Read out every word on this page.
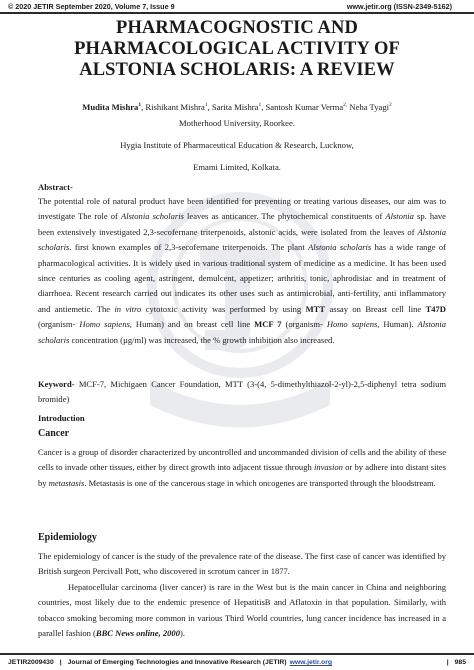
© 2020 JETIR September 2020, Volume 7, Issue 9	www.jetir.org (ISSN-2349-5162)
PHARMACOGNOSTIC AND
PHARMACOLOGICAL ACTIVITY OF
ALSTONIA SCHOLARIS: A REVIEW
Mudita Mishra$^1$, Rishikant Mishra$^1$, Sarita Mishra$^1$, Santosh Kumar Verma$^{2,}$ Neha Tyagi$^2$
Motherhood University, Roorkee.
Hygia Institute of Pharmaceutical Education & Research, Lucknow,
Emami Limited, Kolkata.
Abstract-

The potential role of natural product have been identified for preventing or treating various diseases, our aim was to investigate The role of Alstonia scholaris leaves as anticancer. The phytochemical constituents of Alstonia sp. have been extensively investigated 2,3-secofernane triterpenoids, alstonic acids, were isolated from the leaves of Alstonia scholaris. first known examples of 2,3-secofernane triterpenoids. The plant Alstonia scholaris has a wide range of pharmacological activities. It is widely used in various traditional system of medicine as a medicine. It has been used since centuries as cooling agent, astringent, demulcent, appetizer; arthritis, tonic, aphrodisiac and in treatment of diarrhoea. Recent research carried out indicates its other uses such as antimicrobial, anti-fertility, anti inflammatory and antiemetic. The in vitro cytotoxic activity was performed by using MTT assay on Breast cell line T47D (organism- Homo sapiens, Human) and on breast cell line MCF 7 (organism- Homo sapiens, Human). Alstonia scholaris concentration (µg/ml) was increased, the % growth inhibition also increased.

Keyword- MCF-7, Michigaen Cancer Foundation, MTT (3-(4, 5-dimethylthiazol-2-yl)-2,5-diphenyl tetra sodium bromide)

Introduction
Cancer

Cancer is a group of disorder characterized by uncontrolled and uncommanded division of cells and the ability of these cells to invade other tissues, either by direct growth into adjacent tissue through invasion or by adhere into distant sites by metastasis. Metastasis is one of the cancerous stage in which oncogenes are transported through the bloodstream.

Epidemiology

The epidemiology of cancer is the study of the prevalence rate of the disease. The first case of cancer was identified by British surgeon Percivall Pott, who discovered in scrotum cancer in 1877.

Hepatocellular carcinoma (liver cancer) is rare in the West but is the main cancer in China and neighboring countries, most likely due to the endemic presence of HepatitisB and Aflatoxin in that population. Similarly, with tobacco smoking becoming more common in various Third World countries, lung cancer incidence has increased in a parallel fashion (BBC News online, 2000).

JETIR2009430 | Journal of Emerging Technologies and Innovative Research (JETIR) www.jetir.org	| 985
